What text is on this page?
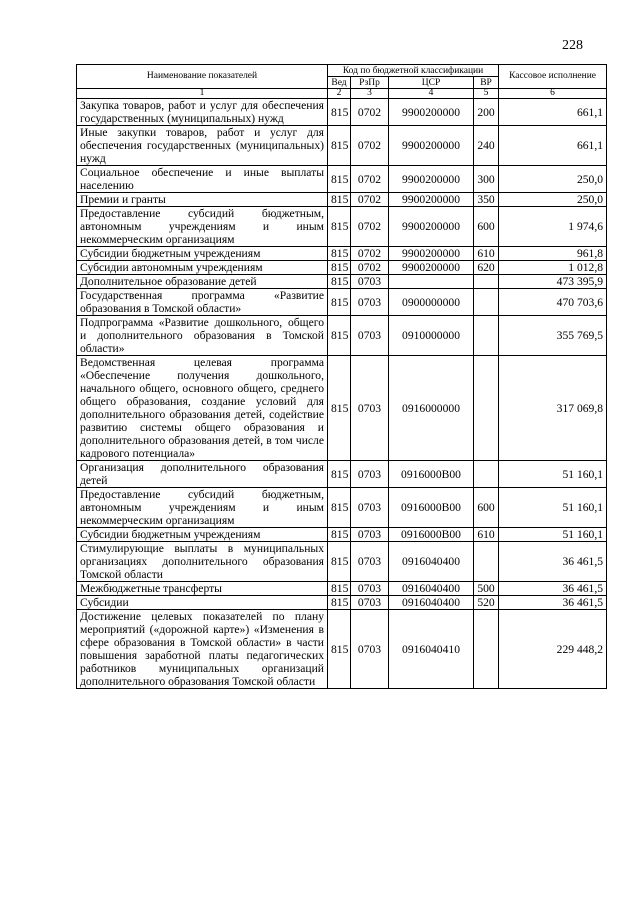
228
Наименование показателей	Код по бюджетной классификации				Кассовое исполнение
	Вед	РзПр	ЦСР	ВР	
1	2	3	4	5	6
Закупка товаров, работ и услуг для обеспечения государственных (муниципальных) нужд	815	0702	9900200000	200	661,1
Иные закупки товаров, работ и услуг для обеспечения государственных (муниципальных) нужд	815	0702	9900200000	240	661,1
Социальное обеспечение и иные выплаты населению	815	0702	9900200000	300	250,0
Премии и гранты	815	0702	9900200000	350	250,0
Предоставление субсидий бюджетным, автономным учреждениям и иным некоммерческим организациям	815	0702	9900200000	600	1 974,6
Субсидии бюджетным учреждениям	815	0702	9900200000	610	961,8
Субсидии автономным учреждениям	815	0702	9900200000	620	1 012,8
Дополнительное образование детей	815	0703			473 395,9
Государственная программа «Развитие образования в Томской области»	815	0703	0900000000		470 703,6
Подпрограмма «Развитие дошкольного, общего и дополнительного образования в Томской области»	815	0703	0910000000		355 769,5
Ведомственная целевая программа «Обеспечение получения дошкольного, начального общего, основного общего, среднего общего образования, создание условий для дополнительного образования детей, содействие развитию системы общего образования и дополнительного образования детей, в том числе кадрового потенциала»	815	0703	0916000000		317 069,8
Организация дополнительного образования детей	815	0703	0916000В00		51 160,1
Предоставление субсидий бюджетным, автономным учреждениям и иным некоммерческим организациям	815	0703	0916000В00	600	51 160,1
Субсидии бюджетным учреждениям	815	0703	0916000В00	610	51 160,1
Стимулирующие выплаты в муниципальных организациях дополнительного образования Томской области	815	0703	0916040400		36 461,5
Межбюджетные трансферты	815	0703	0916040400	500	36 461,5
Субсидии	815	0703	0916040400	520	36 461,5
Достижение целевых показателей по плану мероприятий («дорожной карте») «Изменения в сфере образования в Томской области» в части повышения заработной платы педагогических работников муниципальных организаций дополнительного образования Томской области	815	0703	0916040410		229 448,2
